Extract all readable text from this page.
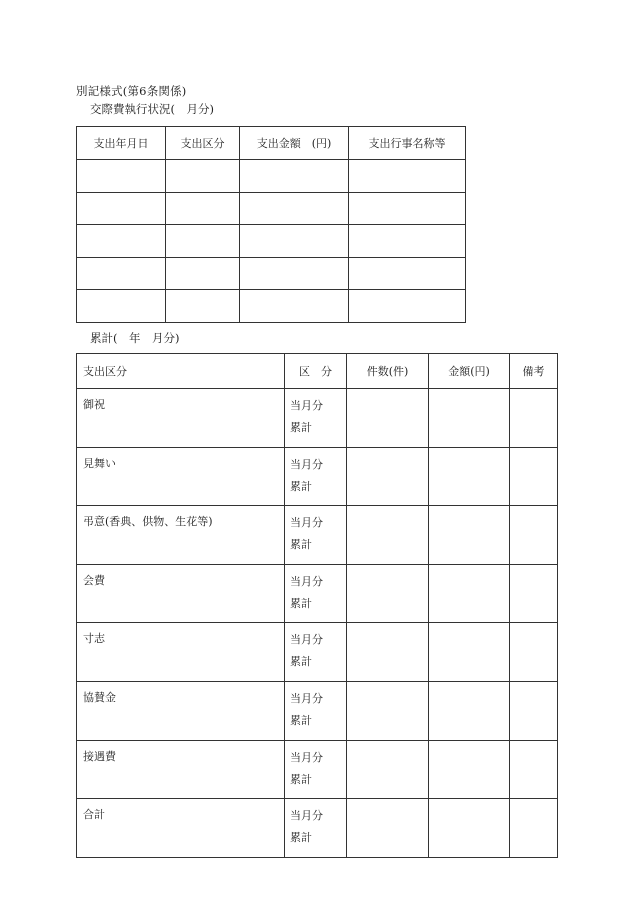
別記様式(第6条関係)
交際費執行状況(　月分)
支出年月日	支出区分	支出金額　(円)	支出行事名称等

累計(　年　月分)
支出区分	区　分	件数(件)	金額(円)	備考
御祝	当月分
累計			

見舞い	当月分
累計			

弔意(香典、供物、生花等)	当月分
累計			

会費	当月分
累計			

寸志	当月分
累計			

協賛金	当月分
累計			

接遇費	当月分
累計			

合計	当月分
累計			
